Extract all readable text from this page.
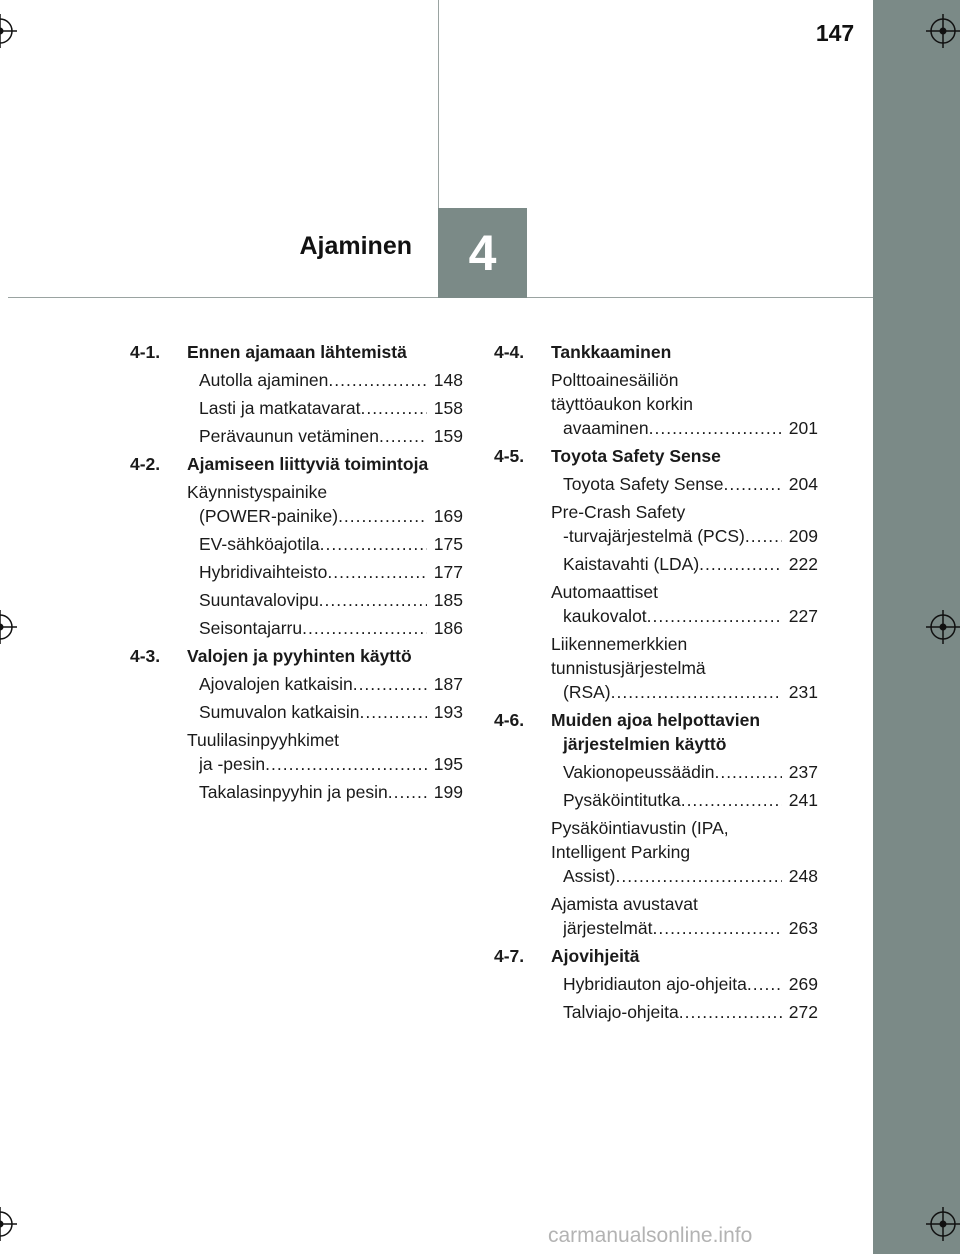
147
4
Ajaminen
4-1.	Ennen ajamaan lähtemistä
Autolla ajaminen	148
.....
Lasti ja matkatavarat	158
.....
Perävaunun vetäminen	159
.....
4-2.	Ajamiseen liittyviä toimintoja
Käynnistyspainike
(POWER-painike)	169
.....
EV-sähköajotila	175
.....
Hybridivaihteisto	177
.....
Suuntavalovipu	185
.....
Seisontajarru	186
.....
4-3.	Valojen ja pyyhinten käyttö
Ajovalojen katkaisin	187
.....
Sumuvalon katkaisin	193
.....
Tuulilasinpyyhkimet
ja -pesin	195
.....
Takalasinpyyhin ja pesin	199
.....
4-4.	Tankkaaminen
Polttoainesäiliön
täyttöaukon korkin
avaaminen	201
.....
4-5.	Toyota Safety Sense
Toyota Safety Sense	204
.....
Pre-Crash Safety
-turvajärjestelmä (PCS)	209
.....
Kaistavahti (LDA)	222
.....
Automaattiset
kaukovalot	227
.....
Liikennemerkkien
tunnistusjärjestelmä
(RSA)	231
.....
4-6.	Muiden ajoa helpottavien järjestelmien käyttö
Vakionopeussäädin	237
.....
Pysäköintitutka	241
.....
Pysäköintiavustin (IPA,
Intelligent Parking
Assist)	248
.....
Ajamista avustavat
järjestelmät	263
.....
4-7.	Ajovihjeitä
Hybridiauton ajo-ohjeita	269
.....
Talviajo-ohjeita	272
.....
carmanualsonline.info
